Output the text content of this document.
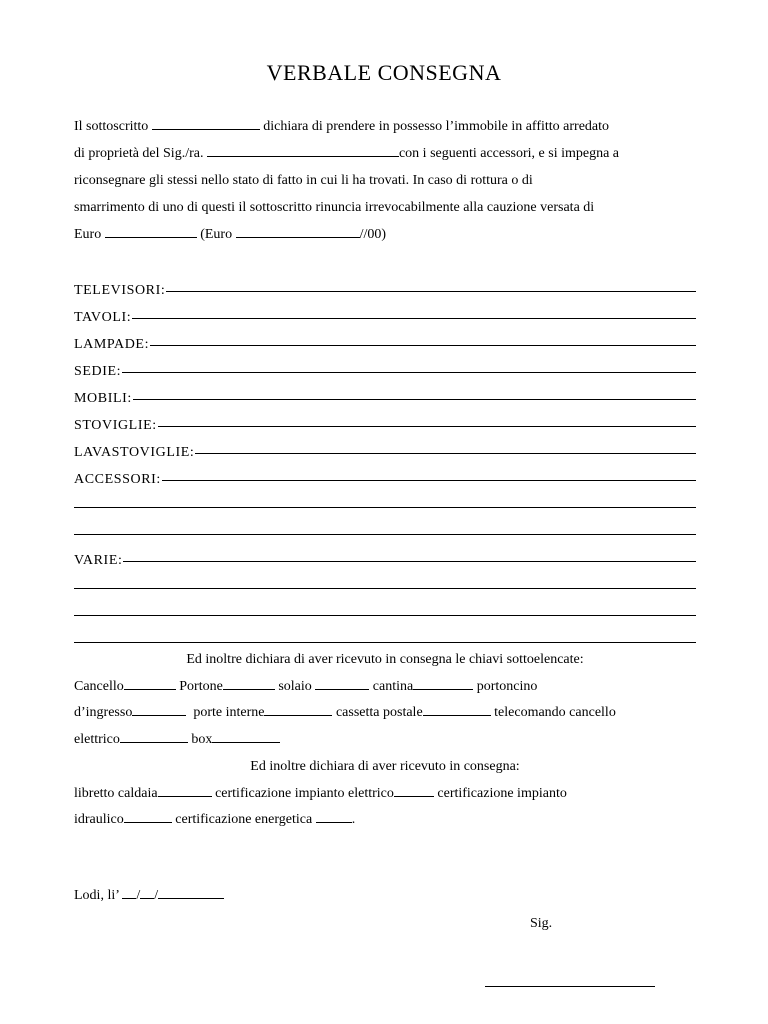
VERBALE CONSEGNA
Il sottoscritto	dichiara di prendere in possesso l’immobile in affitto arredato
di proprietà del Sig./ra.	con i seguenti accessori, e si impegna a
riconsegnare gli stessi nello stato di fatto in cui li ha trovati. In caso di rottura o di
smarrimento di uno di questi il sottoscritto rinuncia irrevocabilmente alla cauzione versata di
Euro	(Euro	//00)
TELEVISORI:
TAVOLI:
LAMPADE:
SEDIE:
MOBILI:
STOVIGLIE:
LAVASTOVIGLIE:
ACCESSORI:
VARIE:
Ed inoltre dichiara di aver ricevuto in consegna le chiavi sottoelencate:
Cancello	Portone	solaio	cantina	portoncino
d’ingresso	porte interne	cassetta postale	telecomando cancello
elettrico	box
Ed inoltre dichiara di aver ricevuto in consegna:
libretto caldaia	certificazione impianto elettrico	certificazione impianto
idraulico	certificazione energetica	.
Lodi, li’ / /
Sig.
